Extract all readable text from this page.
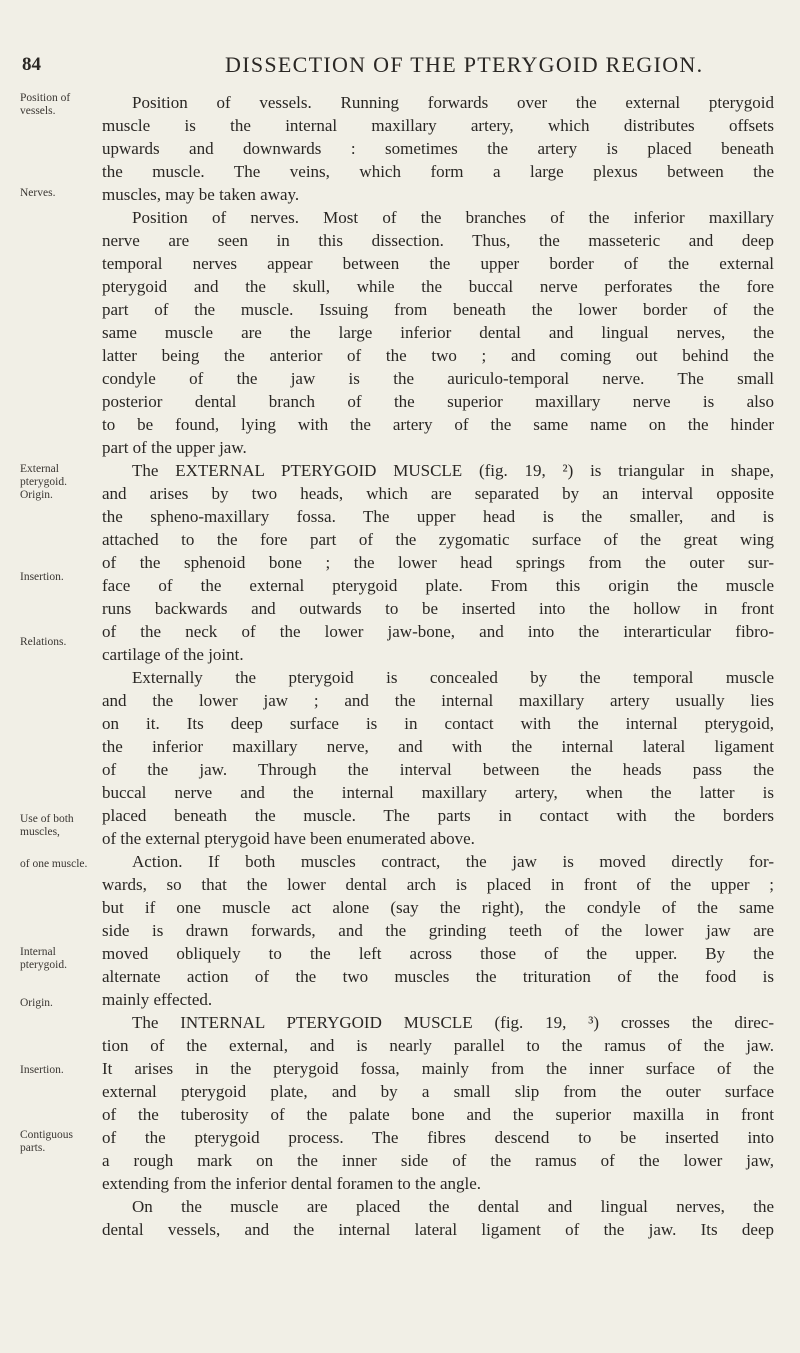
84	DISSECTION OF THE PTERYGOID REGION.
Position of vessels.
Nerves.
External pterygoid. Origin.
Insertion.
Relations.
Use of both muscles,
of one muscle.
Internal pterygoid.
Origin.
Insertion.
Contiguous parts.
Position of vessels. Running forwards over the external pterygoid
muscle is the internal maxillary artery, which distributes offsets
upwards and downwards : sometimes the artery is placed beneath
the muscle. The veins, which form a large plexus between the
muscles, may be taken away.
Position of nerves. Most of the branches of the inferior maxillary
nerve are seen in this dissection. Thus, the masseteric and deep
temporal nerves appear between the upper border of the external
pterygoid and the skull, while the buccal nerve perforates the fore
part of the muscle. Issuing from beneath the lower border of the
same muscle are the large inferior dental and lingual nerves, the
latter being the anterior of the two ; and coming out behind the
condyle of the jaw is the auriculo-temporal nerve. The small
posterior dental branch of the superior maxillary nerve is also
to be found, lying with the artery of the same name on the hinder
part of the upper jaw.
The EXTERNAL PTERYGOID MUSCLE (fig. 19, ²) is triangular in shape,
and arises by two heads, which are separated by an interval opposite
the spheno-maxillary fossa. The upper head is the smaller, and is
attached to the fore part of the zygomatic surface of the great wing
of the sphenoid bone ; the lower head springs from the outer sur-
face of the external pterygoid plate. From this origin the muscle
runs backwards and outwards to be inserted into the hollow in front
of the neck of the lower jaw-bone, and into the interarticular fibro-
cartilage of the joint.
Externally the pterygoid is concealed by the temporal muscle
and the lower jaw ; and the internal maxillary artery usually lies
on it. Its deep surface is in contact with the internal pterygoid,
the inferior maxillary nerve, and with the internal lateral ligament
of the jaw. Through the interval between the heads pass the
buccal nerve and the internal maxillary artery, when the latter is
placed beneath the muscle. The parts in contact with the borders
of the external pterygoid have been enumerated above.
Action. If both muscles contract, the jaw is moved directly for-
wards, so that the lower dental arch is placed in front of the upper ;
but if one muscle act alone (say the right), the condyle of the same
side is drawn forwards, and the grinding teeth of the lower jaw are
moved obliquely to the left across those of the upper. By the
alternate action of the two muscles the trituration of the food is
mainly effected.
The INTERNAL PTERYGOID MUSCLE (fig. 19, ³) crosses the direc-
tion of the external, and is nearly parallel to the ramus of the jaw.
It arises in the pterygoid fossa, mainly from the inner surface of the
external pterygoid plate, and by a small slip from the outer surface
of the tuberosity of the palate bone and the superior maxilla in front
of the pterygoid process. The fibres descend to be inserted into
a rough mark on the inner side of the ramus of the lower jaw,
extending from the inferior dental foramen to the angle.
On the muscle are placed the dental and lingual nerves, the
dental vessels, and the internal lateral ligament of the jaw. Its deep
